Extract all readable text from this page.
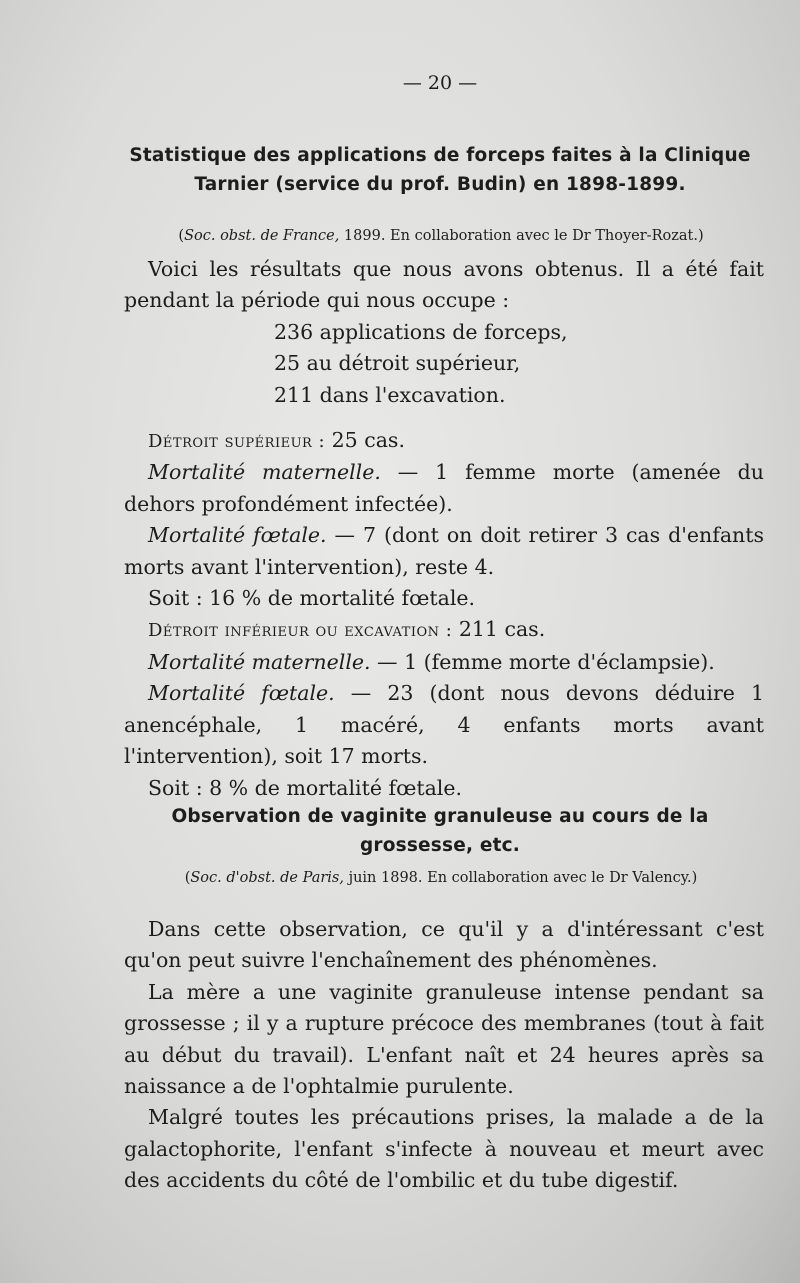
— 20 —
Statistique des applications de forceps faites à la Clinique
Tarnier (service du prof. Budin) en 1898-1899.
(Soc. obst. de France, 1899. En collaboration avec le Dr Thoyer-Rozat.)

Voici les résultats que nous avons obtenus. Il a été fait pendant la période qui nous occupe :

236 applications de forceps,
25 au détroit supérieur,
211 dans l'excavation.

Détroit supérieur : 25 cas.

Mortalité maternelle. — 1 femme morte (amenée du dehors profondément infectée).

Mortalité fœtale. — 7 (dont on doit retirer 3 cas d'enfants morts avant l'intervention), reste 4.

Soit : 16 % de mortalité fœtale.

Détroit inférieur ou excavation : 211 cas.

Mortalité maternelle. — 1 (femme morte d'éclampsie).

Mortalité fœtale. — 23 (dont nous devons déduire 1 anencéphale, 1 macéré, 4 enfants morts avant l'intervention), soit 17 morts.

Soit : 8 % de mortalité fœtale.

Observation de vaginite granuleuse au cours de la
grossesse, etc.
(Soc. d'obst. de Paris, juin 1898. En collaboration avec le Dr Valency.)

Dans cette observation, ce qu'il y a d'intéressant c'est qu'on peut suivre l'enchaînement des phénomènes.

La mère a une vaginite granuleuse intense pendant sa grossesse ; il y a rupture précoce des membranes (tout à fait au début du travail). L'enfant naît et 24 heures après sa naissance a de l'ophtalmie purulente.

Malgré toutes les précautions prises, la malade a de la galactophorite, l'enfant s'infecte à nouveau et meurt avec des accidents du côté de l'ombilic et du tube digestif.
